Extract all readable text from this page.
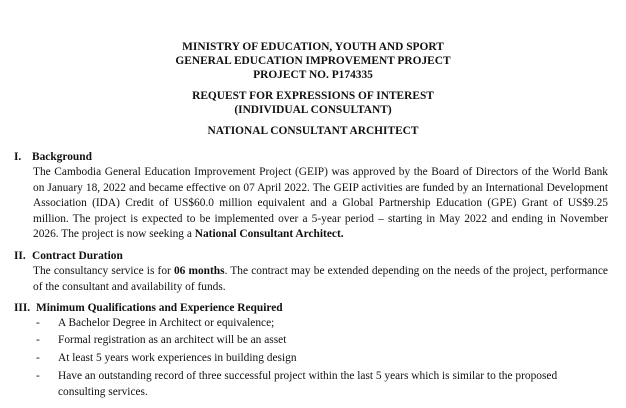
MINISTRY OF EDUCATION, YOUTH AND SPORT
GENERAL EDUCATION IMPROVEMENT PROJECT
PROJECT NO. P174335
REQUEST FOR EXPRESSIONS OF INTEREST
(INDIVIDUAL CONSULTANT)
NATIONAL CONSULTANT ARCHITECT
I. Background
The Cambodia General Education Improvement Project (GEIP) was approved by the Board of Directors of the World Bank on January 18, 2022 and became effective on 07 April 2022. The GEIP activities are funded by an International Development Association (IDA) Credit of US$60.0 million equivalent and a Global Partnership Education (GPE) Grant of US$9.25 million. The project is expected to be implemented over a 5-year period – starting in May 2022 and ending in November 2026. The project is now seeking a National Consultant Architect.
II. Contract Duration
The consultancy service is for 06 months. The contract may be extended depending on the needs of the project, performance of the consultant and availability of funds.
III. Minimum Qualifications and Experience Required
- A Bachelor Degree in Architect or equivalence;
- Formal registration as an architect will be an asset
- At least 5 years work experiences in building design
- Have an outstanding record of three successful project within the last 5 years which is similar to the proposed consulting services.
